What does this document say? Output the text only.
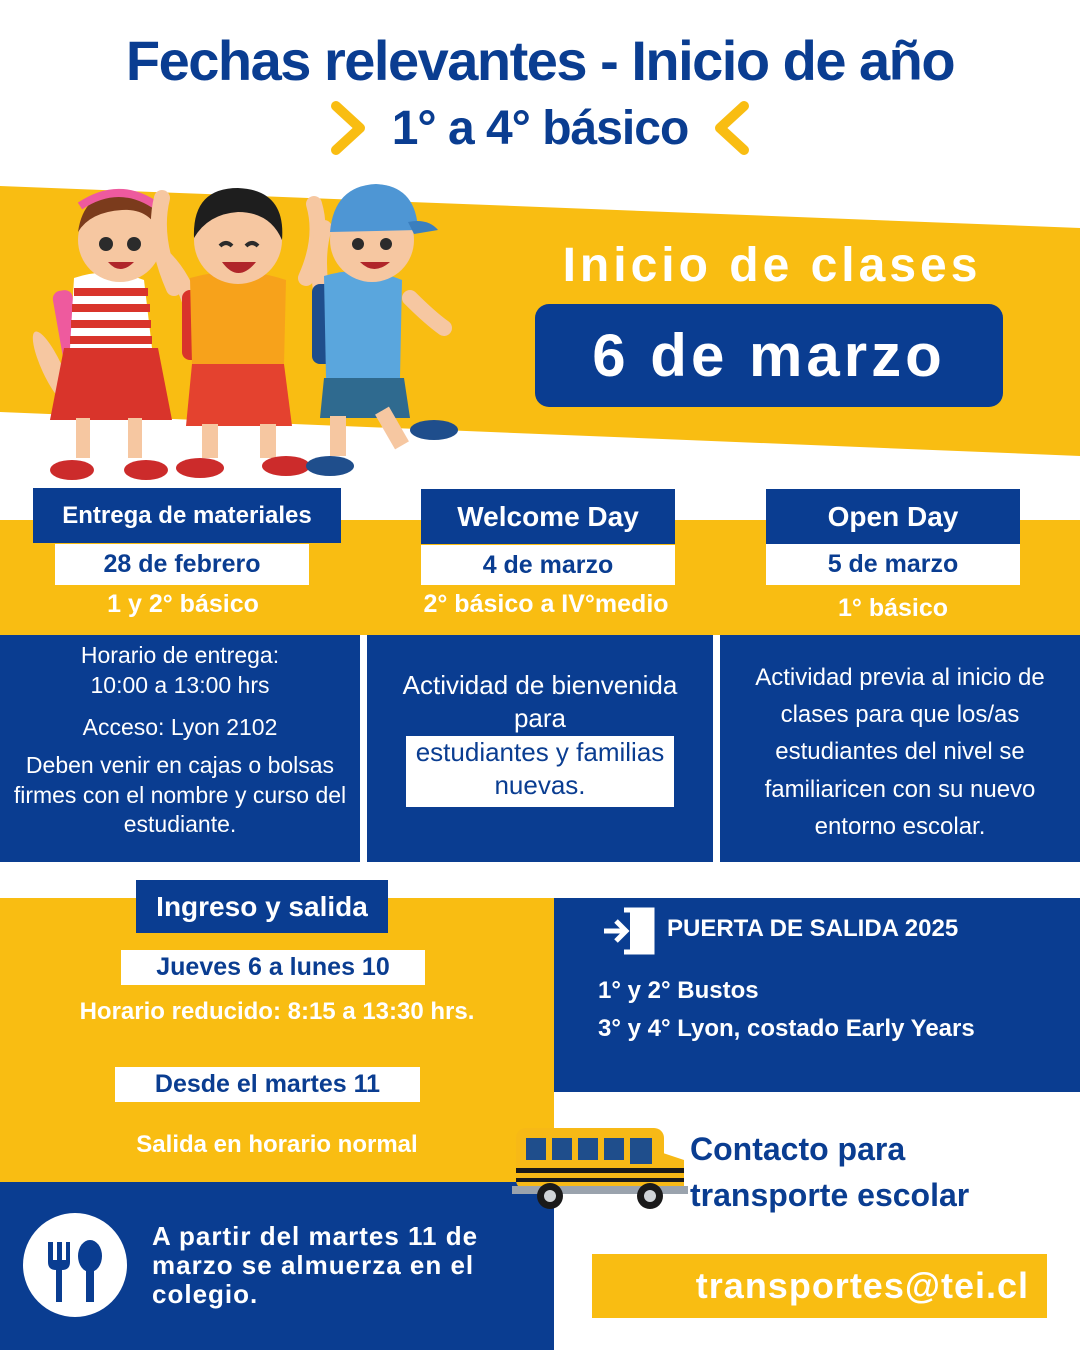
Fechas relevantes - Inicio de año
1° a 4° básico
Inicio de clases
6 de marzo
Entrega de materiales
28 de febrero
1 y 2° básico
Welcome Day
4 de marzo
2° básico a IV°medio
Open Day
5 de marzo
1° básico
Horario de entrega:
10:00 a 13:00 hrs
Acceso: Lyon 2102
Deben venir en cajas o bolsas firmes con el nombre y curso del estudiante.
Actividad de bienvenida para
estudiantes y familias nuevas.
Actividad previa al inicio de clases para que los/as estudiantes del nivel se familiaricen con su nuevo entorno escolar.
Ingreso y salida
Jueves 6 a lunes 10
Horario reducido: 8:15 a 13:30 hrs.
Desde el martes 11
Salida en horario normal
PUERTA DE SALIDA 2025
1° y 2° Bustos
3° y 4° Lyon, costado Early Years
A partir del martes 11 de marzo se almuerza en el colegio.
Contacto para transporte escolar
transportes@tei.cl
